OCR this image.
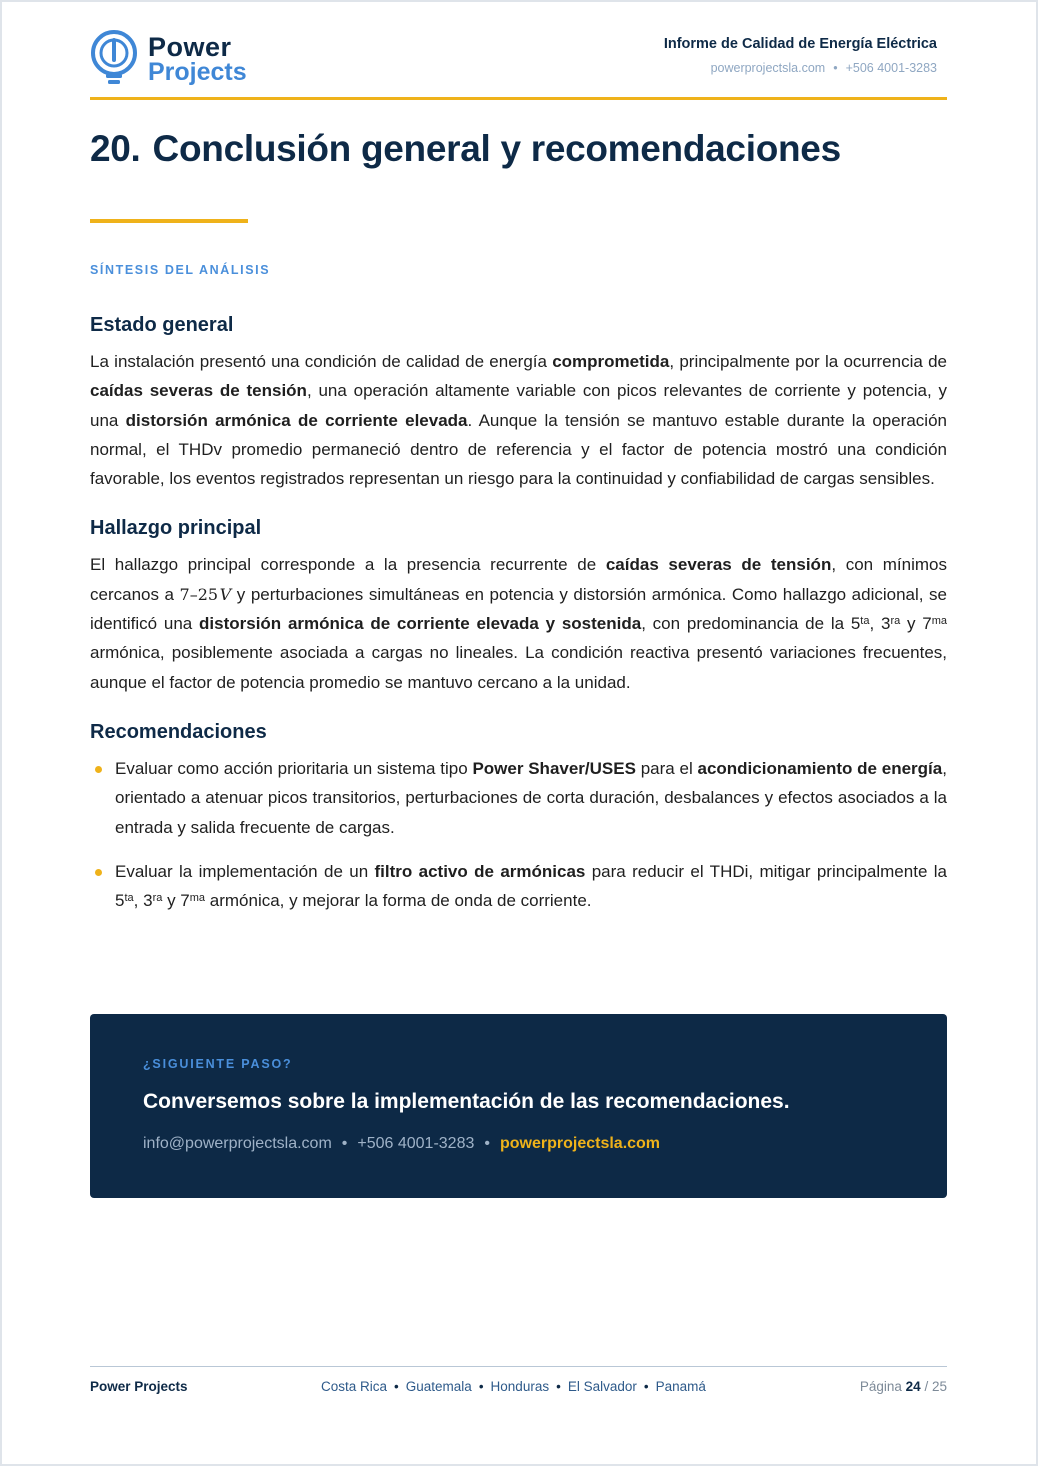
Power
Projects
Informe de Calidad de Energía Eléctrica
powerprojectsla.com • +506 4001-3283
20. Conclusión general y recomendaciones
SÍNTESIS DEL ANÁLISIS
Estado general

La instalación presentó una condición de calidad de energía comprometida, principalmente por la ocurrencia de caídas severas de tensión, una operación altamente variable con picos relevantes de corriente y potencia, y una distorsión armónica de corriente elevada. Aunque la tensión se mantuvo estable durante la operación normal, el THDv promedio permaneció dentro de referencia y el factor de potencia mostró una condición favorable, los eventos registrados representan un riesgo para la continuidad y confiabilidad de cargas sensibles.

Hallazgo principal

El hallazgo principal corresponde a la presencia recurrente de caídas severas de tensión, con mínimos cercanos a 7–25 V y perturbaciones simultáneas en potencia y distorsión armónica. Como hallazgo adicional, se identificó una distorsión armónica de corriente elevada y sostenida, con predominancia de la $5^{ta}$, $3^{ra}$ y $7^{ma}$ armónica, posiblemente asociada a cargas no lineales. La condición reactiva presentó variaciones frecuentes, aunque el factor de potencia promedio se mantuvo cercano a la unidad.

Recomendaciones

Evaluar como acción prioritaria un sistema tipo Power Shaver/USES para el acondicionamiento de energía, orientado a atenuar picos transitorios, perturbaciones de corta duración, desbalances y efectos asociados a la entrada y salida frecuente de cargas.

Evaluar la implementación de un filtro activo de armónicas para reducir el THDi, mitigar principalmente la $5^{ta}$, $3^{ra}$ y $7^{ma}$ armónica, y mejorar la forma de onda de corriente.

¿SIGUIENTE PASO?
Conversemos sobre la implementación de las recomendaciones.
info@powerprojectsla.com • +506 4001-3283 • powerprojectsla.com
Power Projects	Costa Rica • Guatemala • Honduras • El Salvador • Panamá	Página 24 / 25
